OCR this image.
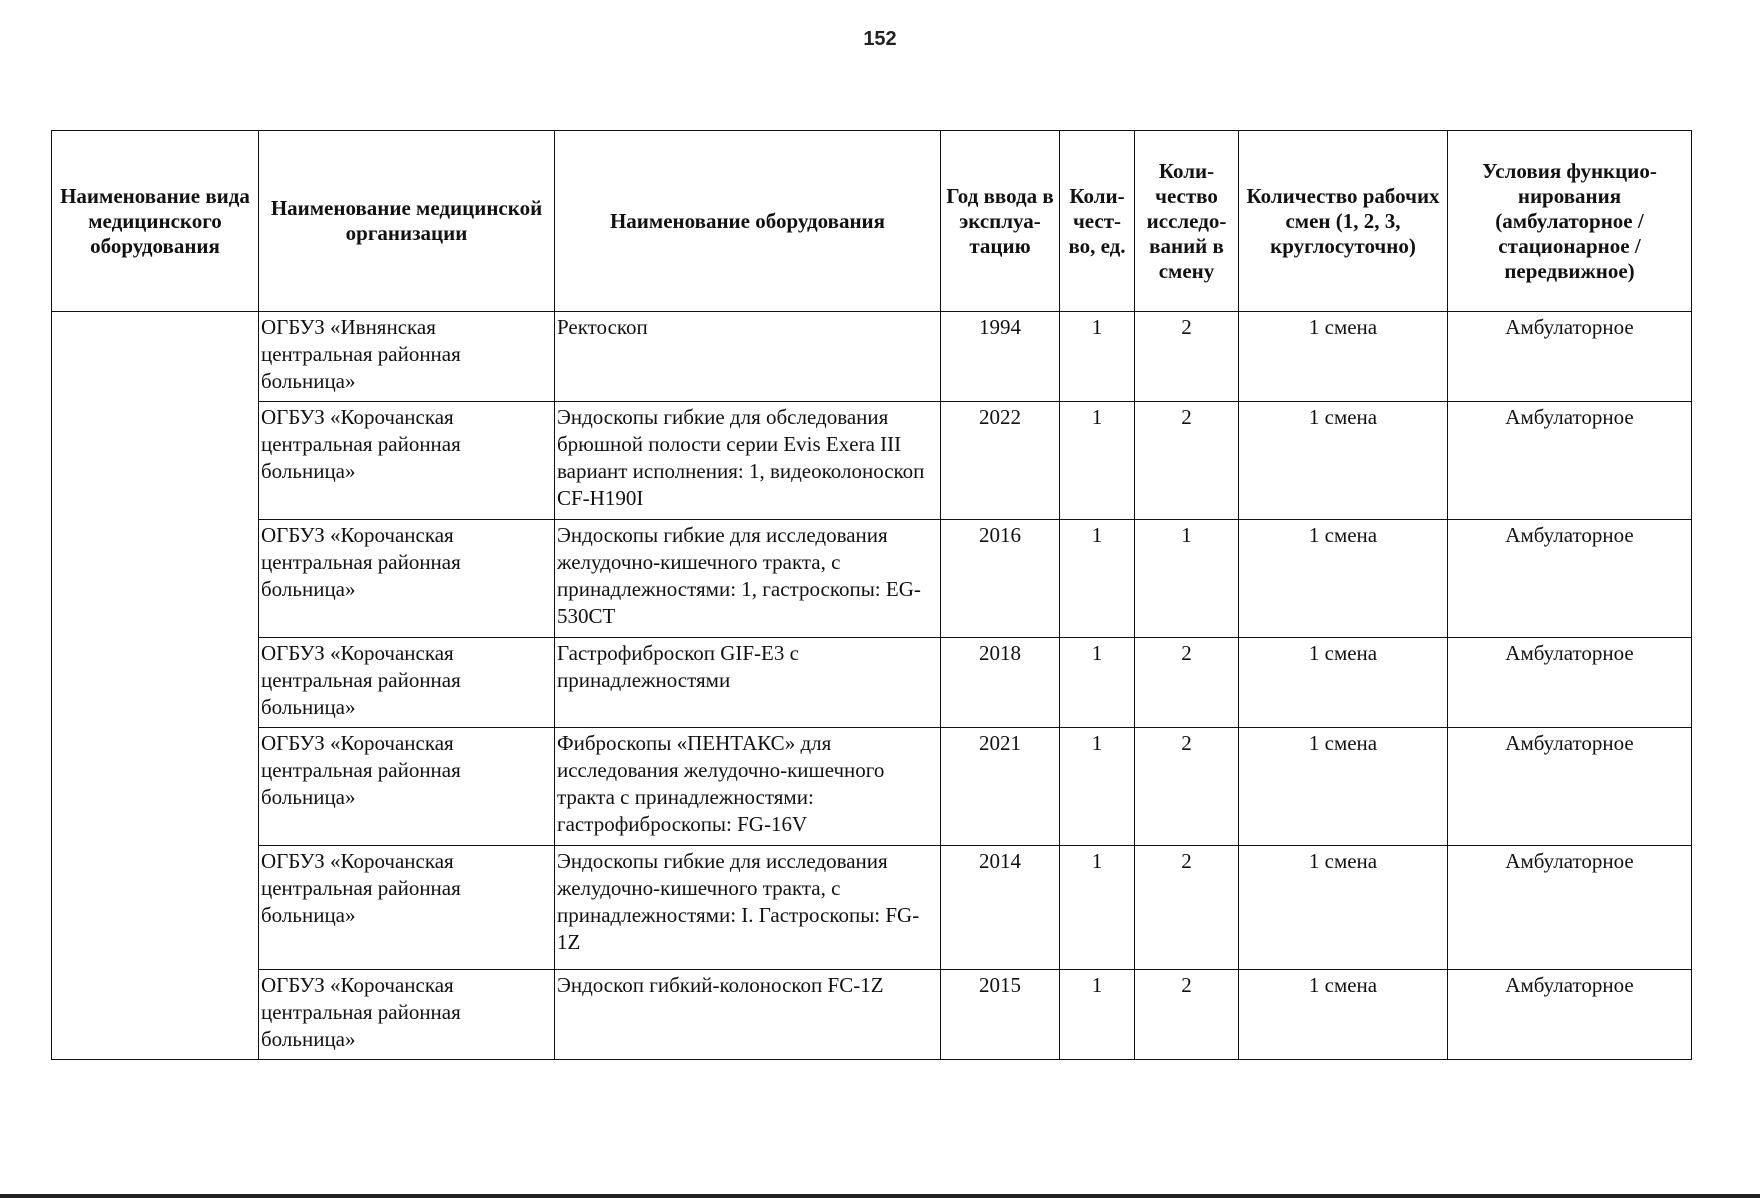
152
Наименование вида медицинского оборудования	Наименование медицинской организации	Наименование оборудования	Год ввода в эксплуа-тацию	Коли-чест-во, ед.	Коли-чество исследо-ваний в смену	Количество рабочих смен (1, 2, 3, круглосуточно)	Условия функцио-нирования (амбулаторное / стационарное / передвижное)
	ОГБУЗ «Ивнянская центральная районная больница»	Ректоскоп	1994	1	2	1 смена	Амбулаторное
	ОГБУЗ «Корочанская центральная районная больница»	Эндоскопы гибкие для обследования брюшной полости серии Evis Exera III вариант исполнения: 1, видеоколоноскоп CF-H190I	2022	1	2	1 смена	Амбулаторное
	ОГБУЗ «Корочанская центральная районная больница»	Эндоскопы гибкие для исследования желудочно-кишечного тракта, с принадлежностями: 1, гастроскопы: EG-530CT	2016	1	1	1 смена	Амбулаторное
	ОГБУЗ «Корочанская центральная районная больница»	Гастрофиброскоп GIF-E3 с принадлежностями	2018	1	2	1 смена	Амбулаторное
	ОГБУЗ «Корочанская центральная районная больница»	Фиброскопы «ПЕНТАКС» для исследования желудочно-кишечного тракта с принадлежностями: гастрофиброскопы: FG-16V	2021	1	2	1 смена	Амбулаторное
	ОГБУЗ «Корочанская центральная районная больница»	Эндоскопы гибкие для исследования желудочно-кишечного тракта, с принадлежностями: I. Гастроскопы: FG-1Z	2014	1	2	1 смена	Амбулаторное
	ОГБУЗ «Корочанская центральная районная больница»	Эндоскоп гибкий-колоноскоп FC-1Z	2015	1	2	1 смена	Амбулаторное
